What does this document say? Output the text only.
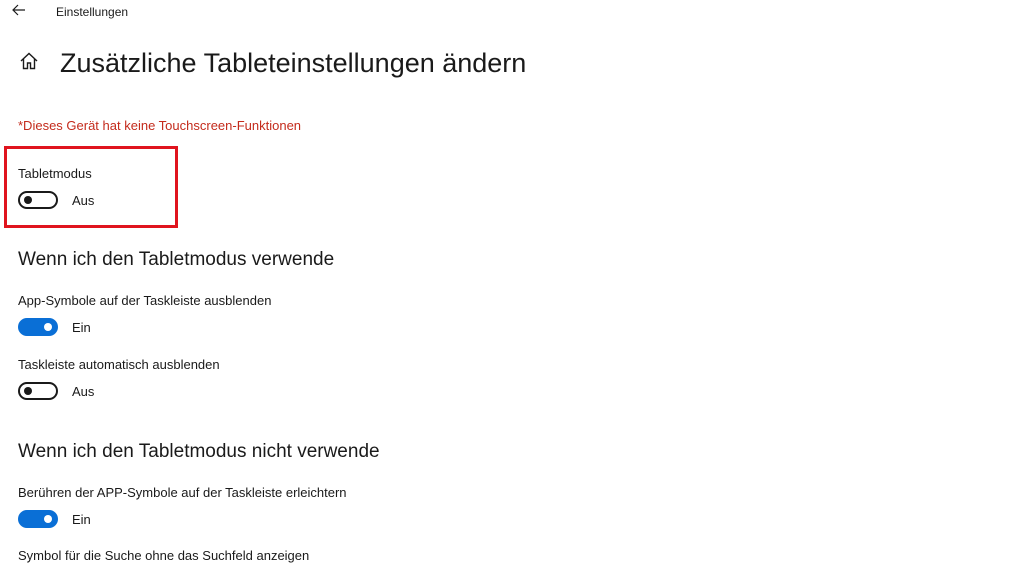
Einstellungen
Zusätzliche Tableteinstellungen ändern
*Dieses Gerät hat keine Touchscreen-Funktionen
Tabletmodus
Aus
Wenn ich den Tabletmodus verwende
App-Symbole auf der Taskleiste ausblenden
Ein
Taskleiste automatisch ausblenden
Aus
Wenn ich den Tabletmodus nicht verwende
Berühren der APP-Symbole auf der Taskleiste erleichtern
Ein
Symbol für die Suche ohne das Suchfeld anzeigen
